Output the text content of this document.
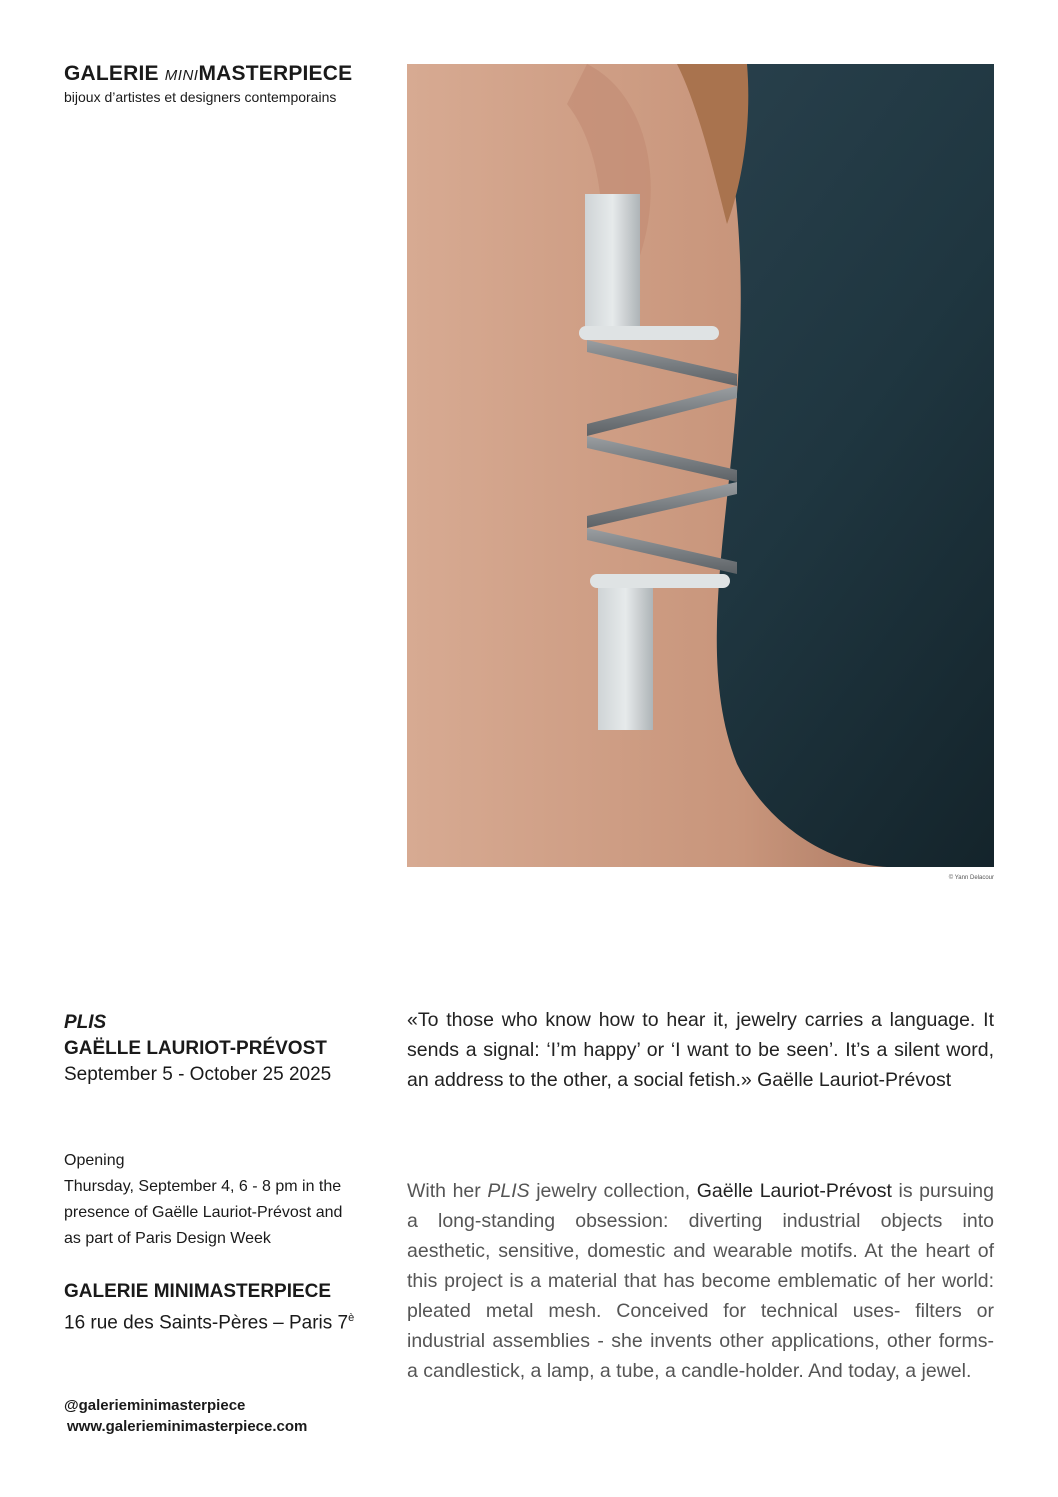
GALERIE MINIMASTERPIECE
bijoux d’artistes et designers contemporains
© Yann Delacour
PLIS
GAËLLE LAURIOT-PRÉVOST
September 5 - October 25 2025
Opening
Thursday, September 4, 6 - 8 pm in the
presence of Gaëlle Lauriot-Prévost and
as part of Paris Design Week
GALERIE MINIMASTERPIECE
16 rue des Saints-Pères – Paris $7^è$
@galerieminimasterpiece
www.galerieminimasterpiece.com
«To those who know how to hear it, jewelry carries a language. It sends a signal: ‘I’m happy’ or ‘I want to be seen’. It’s a silent word, an address to the other, a social fetish.» Gaëlle Lauriot-Prévost
With her PLIS jewelry collection, Gaëlle Lauriot-Prévost is pursuing a long-standing obsession: diverting industrial objects into aesthetic, sensitive, domestic and wearable motifs. At the heart of this project is a material that has become emblematic of her world: pleated metal mesh. Conceived for technical uses- filters or industrial assemblies - she invents other applications, other forms- a candlestick, a lamp, a tube, a candle-holder. And today, a jewel.
